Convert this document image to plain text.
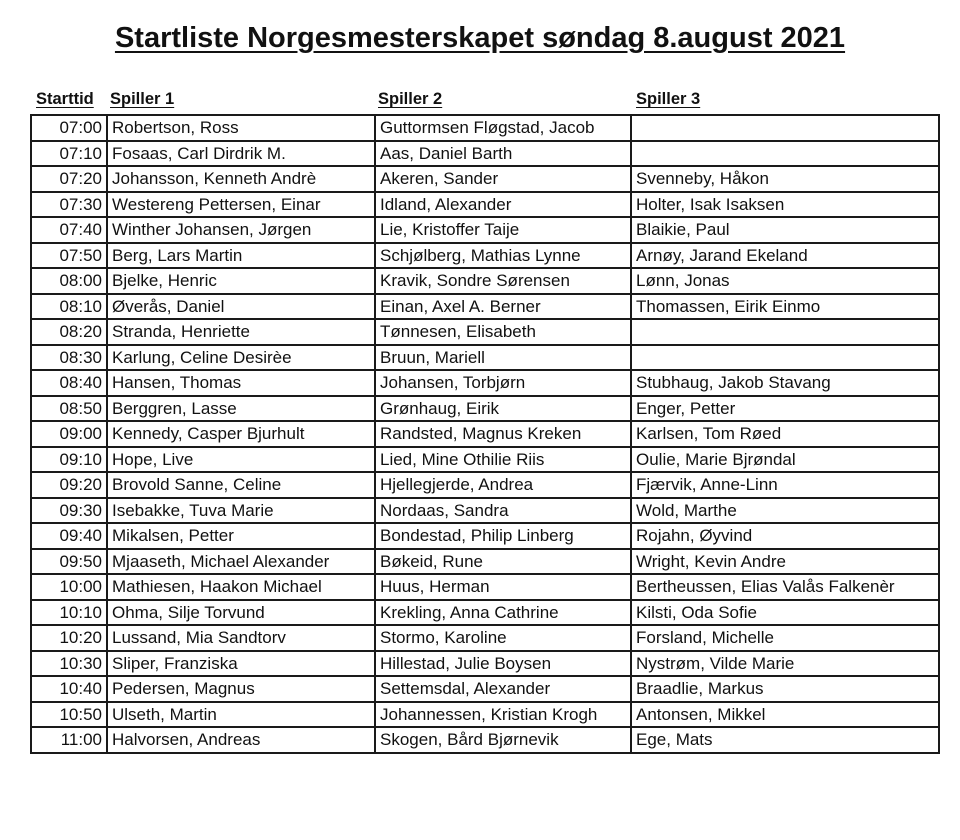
Startliste Norgesmesterskapet søndag 8.august 2021
Starttid Spiller 1	Spiller 2	Spiller 3
07:00	Robertson, Ross	Guttormsen Fløgstad, Jacob	
07:10	Fosaas, Carl Dirdrik M.	Aas, Daniel Barth	
07:20	Johansson, Kenneth Andrè	Akeren, Sander	Svenneby, Håkon
07:30	Westereng Pettersen, Einar	Idland, Alexander	Holter, Isak Isaksen
07:40	Winther Johansen, Jørgen	Lie, Kristoffer Taije	Blaikie, Paul
07:50	Berg, Lars Martin	Schjølberg, Mathias Lynne	Arnøy, Jarand Ekeland
08:00	Bjelke, Henric	Kravik, Sondre Sørensen	Lønn, Jonas
08:10	Øverås, Daniel	Einan, Axel A. Berner	Thomassen, Eirik Einmo
08:20	Stranda, Henriette	Tønnesen, Elisabeth	
08:30	Karlung, Celine Desirèe	Bruun, Mariell	
08:40	Hansen, Thomas	Johansen, Torbjørn	Stubhaug, Jakob Stavang
08:50	Berggren, Lasse	Grønhaug, Eirik	Enger, Petter
09:00	Kennedy, Casper Bjurhult	Randsted, Magnus Kreken	Karlsen, Tom Røed
09:10	Hope, Live	Lied, Mine Othilie Riis	Oulie, Marie Bjrøndal
09:20	Brovold Sanne, Celine	Hjellegjerde, Andrea	Fjærvik, Anne-Linn
09:30	Isebakke, Tuva Marie	Nordaas, Sandra	Wold, Marthe
09:40	Mikalsen, Petter	Bondestad, Philip Linberg	Rojahn, Øyvind
09:50	Mjaaseth, Michael Alexander	Bøkeid, Rune	Wright, Kevin Andre
10:00	Mathiesen, Haakon Michael	Huus, Herman	Bertheussen, Elias Valås Falkenèr
10:10	Ohma, Silje Torvund	Krekling, Anna Cathrine	Kilsti, Oda Sofie
10:20	Lussand, Mia Sandtorv	Stormo, Karoline	Forsland, Michelle
10:30	Sliper, Franziska	Hillestad, Julie Boysen	Nystrøm, Vilde Marie
10:40	Pedersen, Magnus	Settemsdal, Alexander	Braadlie, Markus
10:50	Ulseth, Martin	Johannessen, Kristian Krogh	Antonsen, Mikkel
11:00	Halvorsen, Andreas	Skogen, Bård Bjørnevik	Ege, Mats
